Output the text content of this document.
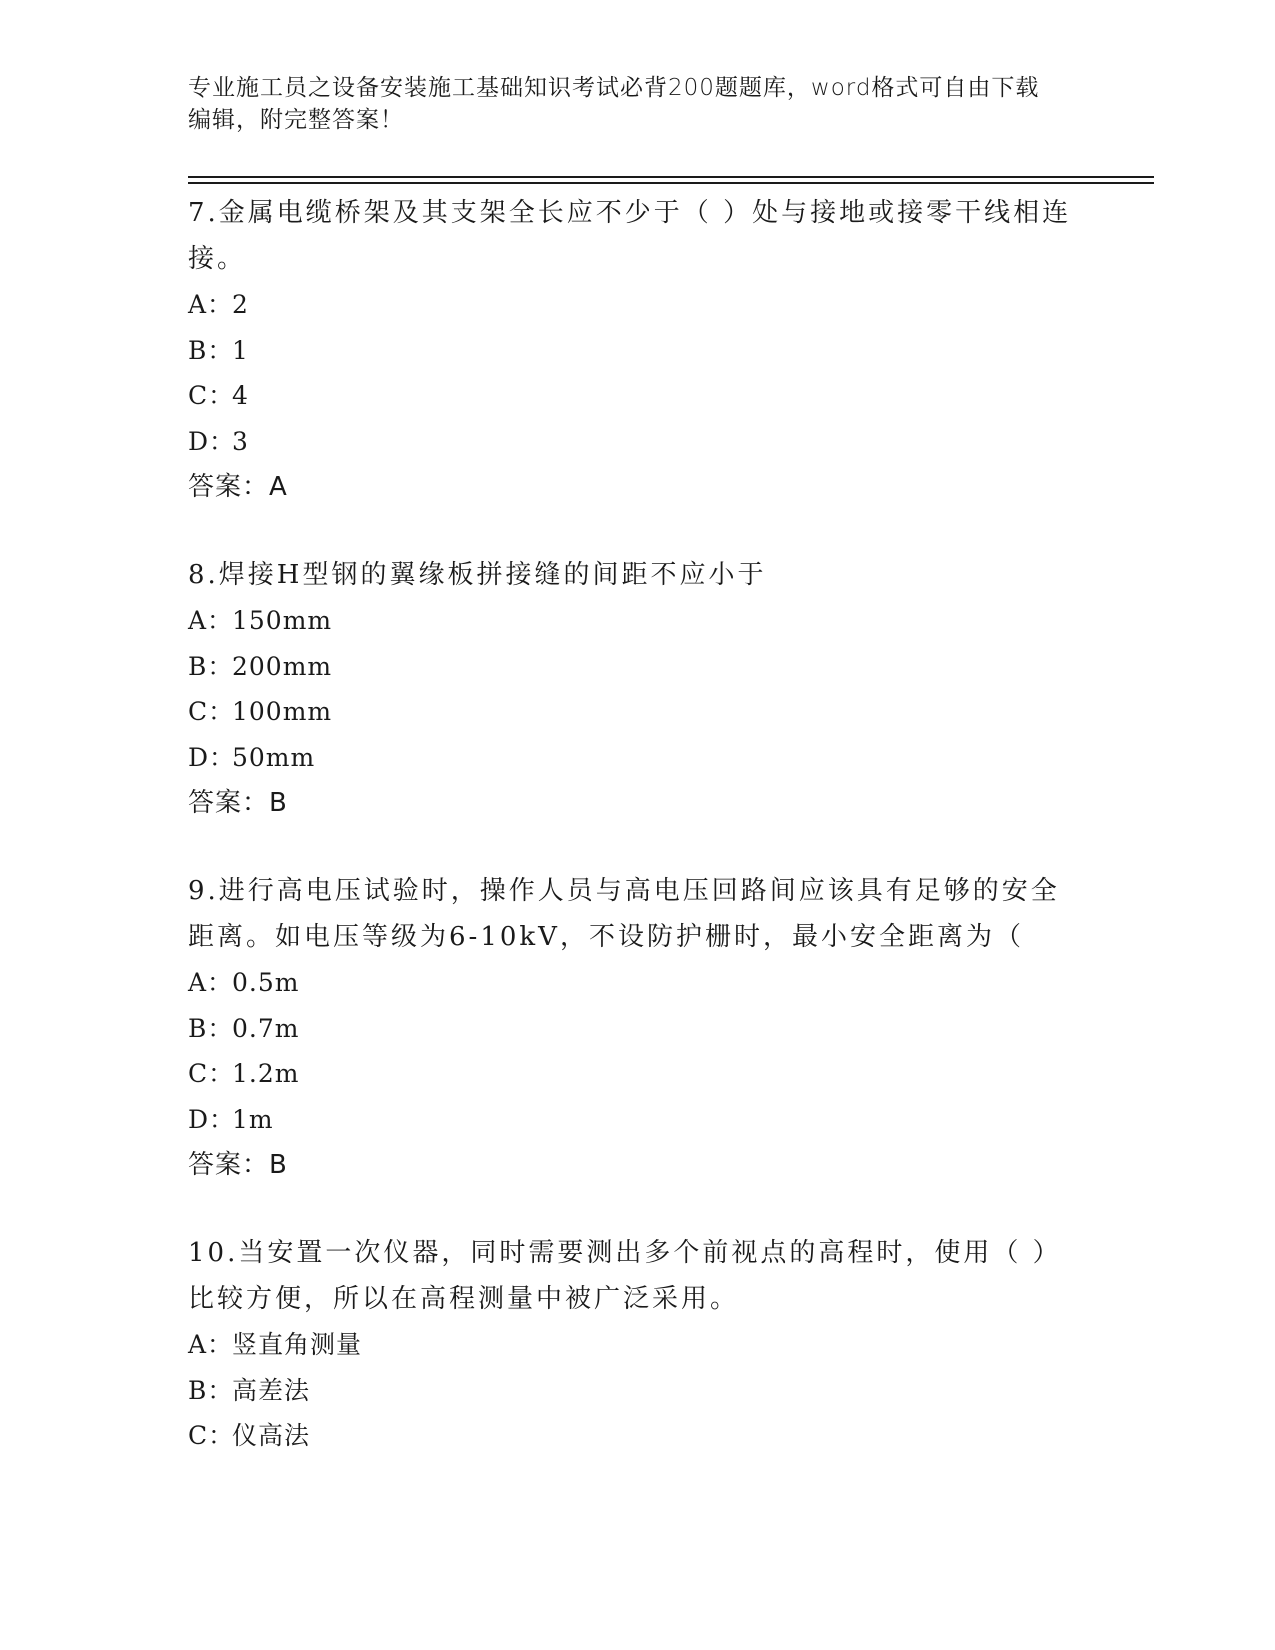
专业施工员之设备安装施工基础知识考试必背200题题库，word格式可自由下载
编辑，附完整答案！

7.金属电缆桥架及其支架全长应不少于（ ）处与接地或接零干线相连

接。

A：2

B：1

C：4

D：3

答案：A

8.焊接H型钢的翼缘板拼接缝的间距不应小于

A：150mm

B：200mm

C：100mm

D：50mm

答案：B

9.进行高电压试验时，操作人员与高电压回路间应该具有足够的安全

距离。如电压等级为6-10kV，不设防护栅时，最小安全距离为（

A：0.5m

B：0.7m

C：1.2m

D：1m

答案：B

10.当安置一次仪器，同时需要测出多个前视点的高程时，使用（ ）

比较方便，所以在高程测量中被广泛采用。

A：竖直角测量

B：高差法

C：仪高法
